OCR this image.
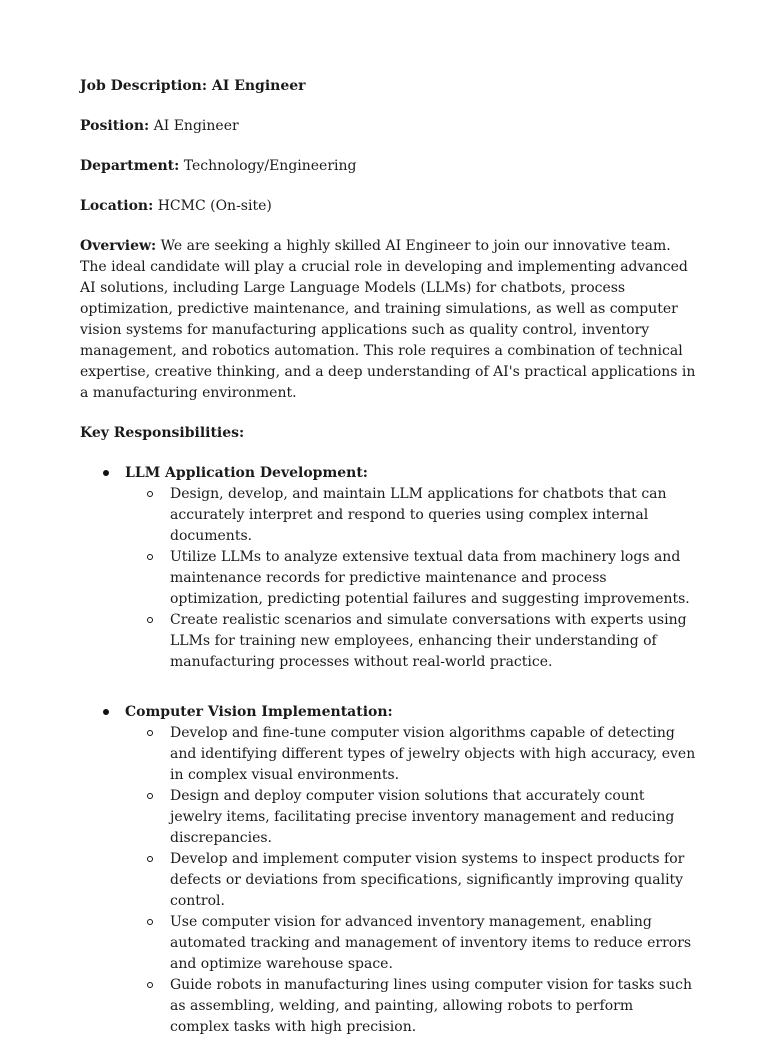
Job Description: AI Engineer

Position: AI Engineer

Department: Technology/Engineering

Location: HCMC (On-site)

Overview: We are seeking a highly skilled AI Engineer to join our innovative team. The ideal candidate will play a crucial role in developing and implementing advanced AI solutions, including Large Language Models (LLMs) for chatbots, process optimization, predictive maintenance, and training simulations, as well as computer vision systems for manufacturing applications such as quality control, inventory management, and robotics automation. This role requires a combination of technical expertise, creative thinking, and a deep understanding of AI's practical applications in a manufacturing environment.

Key Responsibilities:

LLM Application Development:
Design, develop, and maintain LLM applications for chatbots that can accurately interpret and respond to queries using complex internal documents.
Utilize LLMs to analyze extensive textual data from machinery logs and maintenance records for predictive maintenance and process optimization, predicting potential failures and suggesting improvements.
Create realistic scenarios and simulate conversations with experts using LLMs for training new employees, enhancing their understanding of manufacturing processes without real-world practice.
Computer Vision Implementation:
Develop and fine-tune computer vision algorithms capable of detecting and identifying different types of jewelry objects with high accuracy, even in complex visual environments.
Design and deploy computer vision solutions that accurately count jewelry items, facilitating precise inventory management and reducing discrepancies.
Develop and implement computer vision systems to inspect products for defects or deviations from specifications, significantly improving quality control.
Use computer vision for advanced inventory management, enabling automated tracking and management of inventory items to reduce errors and optimize warehouse space.
Guide robots in manufacturing lines using computer vision for tasks such as assembling, welding, and painting, allowing robots to perform complex tasks with high precision.
